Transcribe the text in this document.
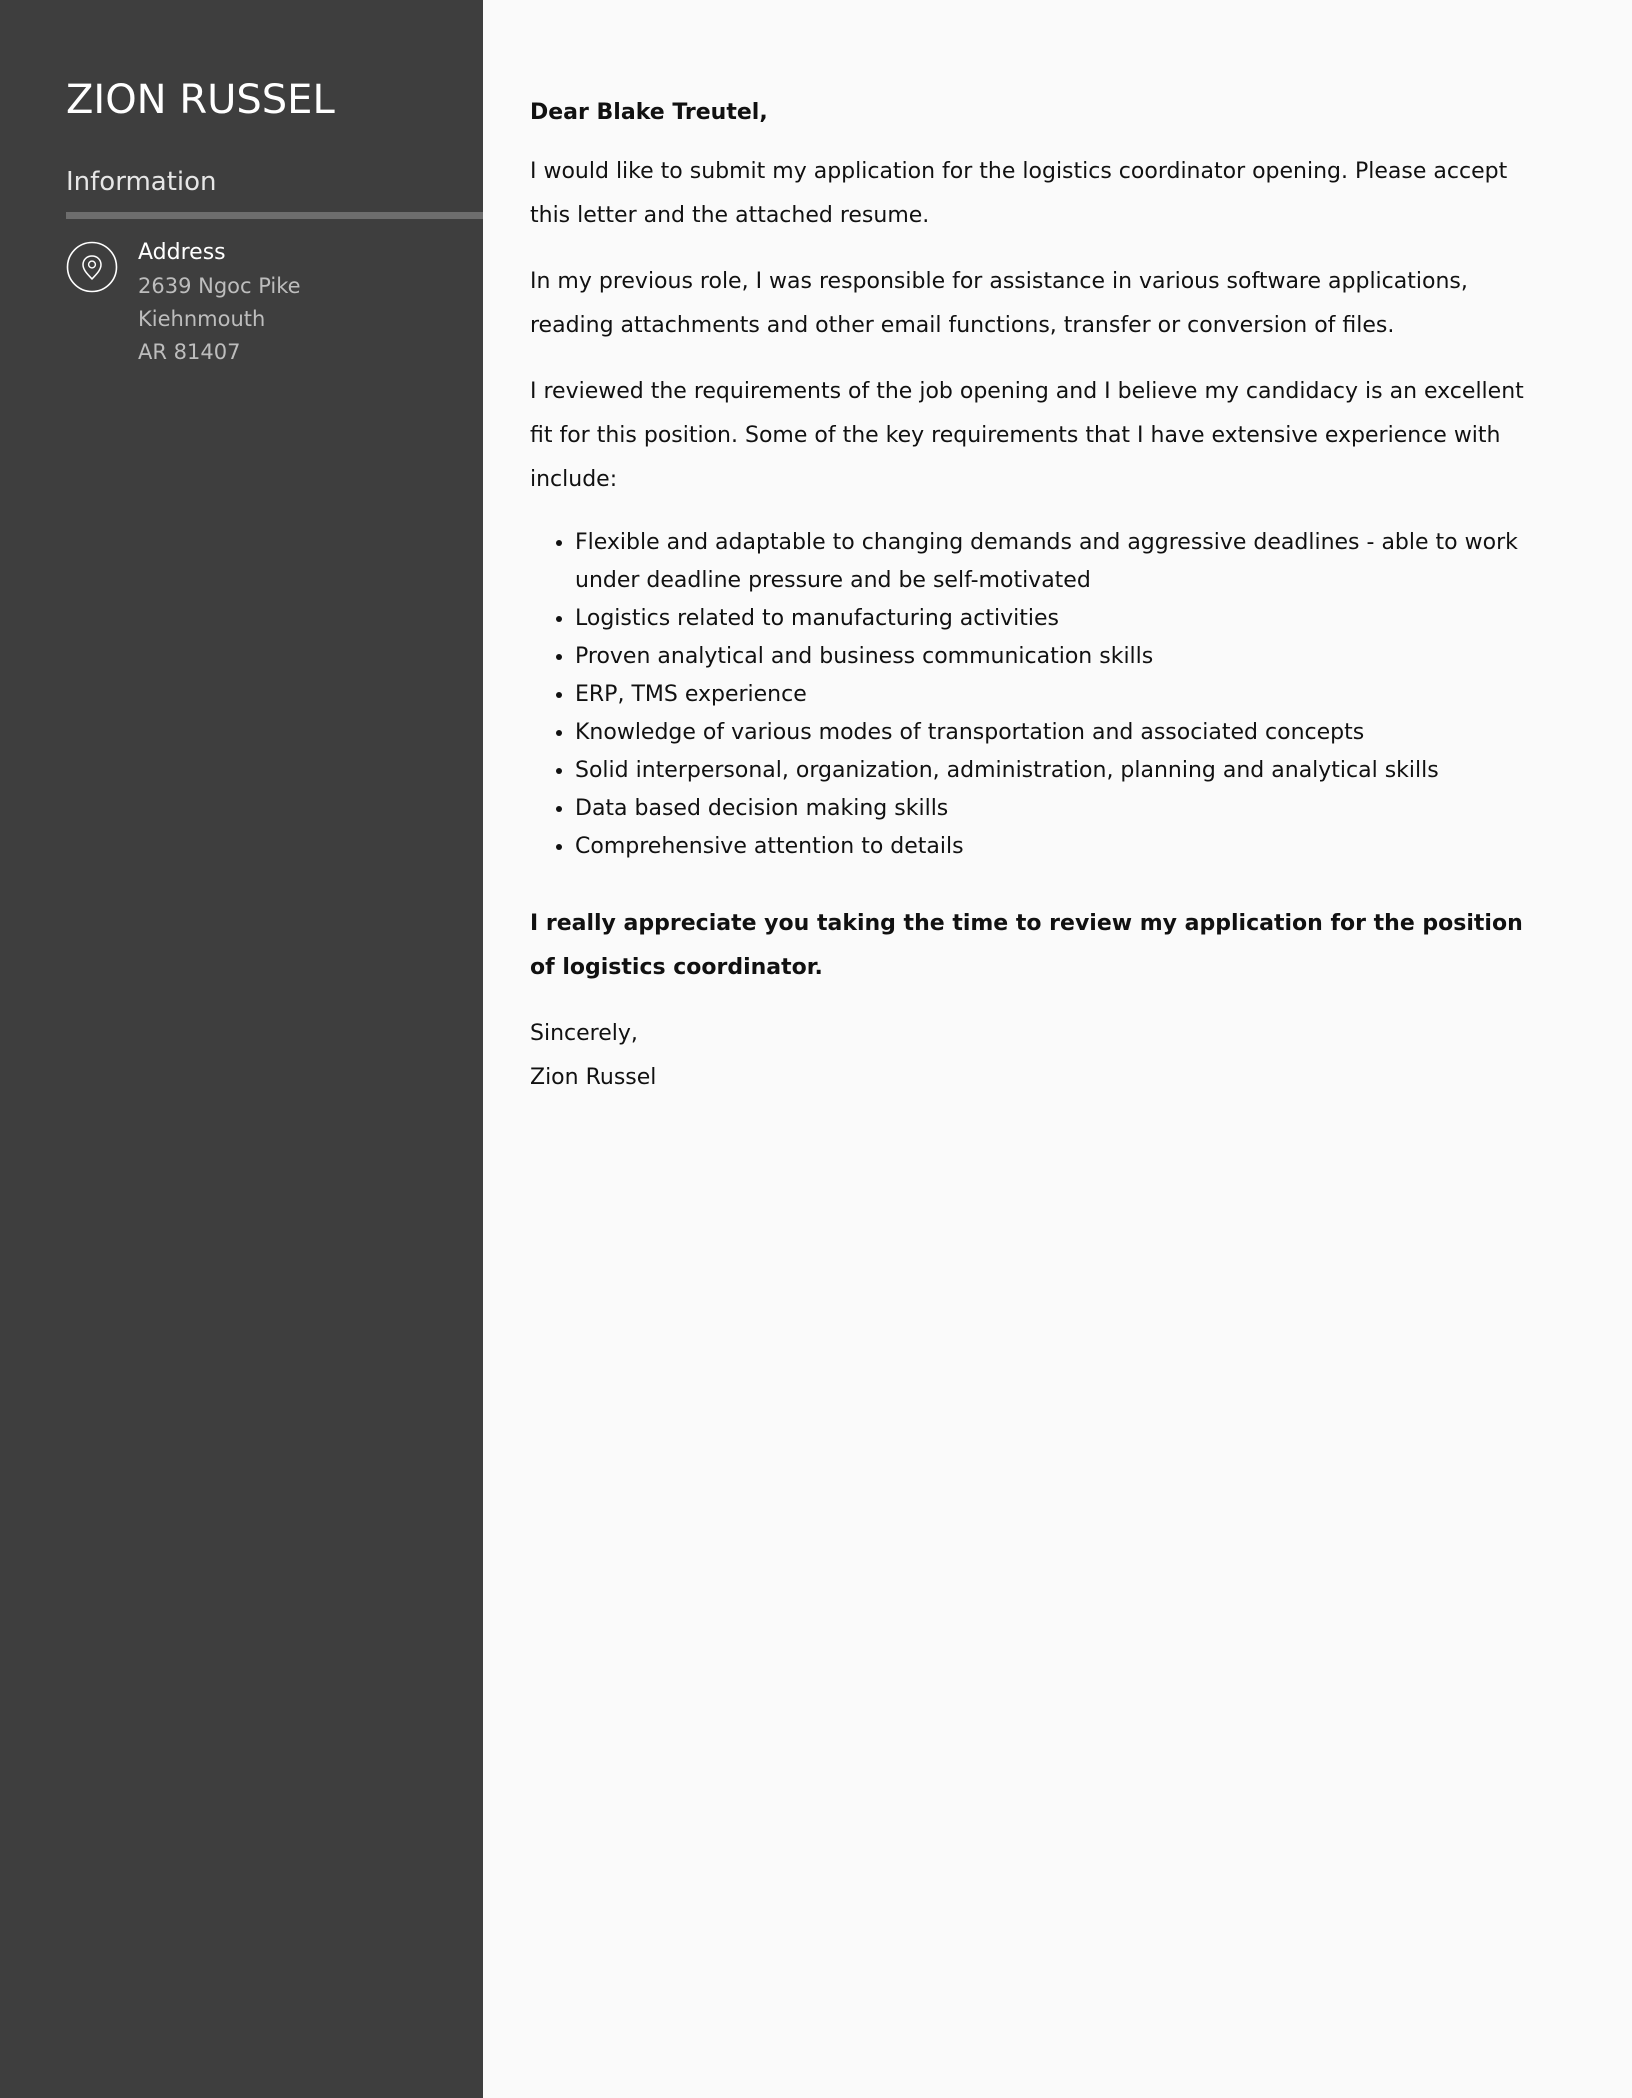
ZION RUSSEL
Information
Address
2639 Ngoc Pike
Kiehnmouth
AR 81407

Dear Blake Treutel,

I would like to submit my application for the logistics coordinator opening. Please accept this letter and the attached resume.

In my previous role, I was responsible for assistance in various software applications, reading attachments and other email functions, transfer or conversion of files.

I reviewed the requirements of the job opening and I believe my candidacy is an excellent fit for this position. Some of the key requirements that I have extensive experience with include:

• Flexible and adaptable to changing demands and aggressive deadlines - able to work under deadline pressure and be self-motivated
• Logistics related to manufacturing activities
• Proven analytical and business communication skills
• ERP, TMS experience
• Knowledge of various modes of transportation and associated concepts
• Solid interpersonal, organization, administration, planning and analytical skills
• Data based decision making skills
• Comprehensive attention to details

I really appreciate you taking the time to review my application for the position of logistics coordinator.

Sincerely,

Zion Russel
